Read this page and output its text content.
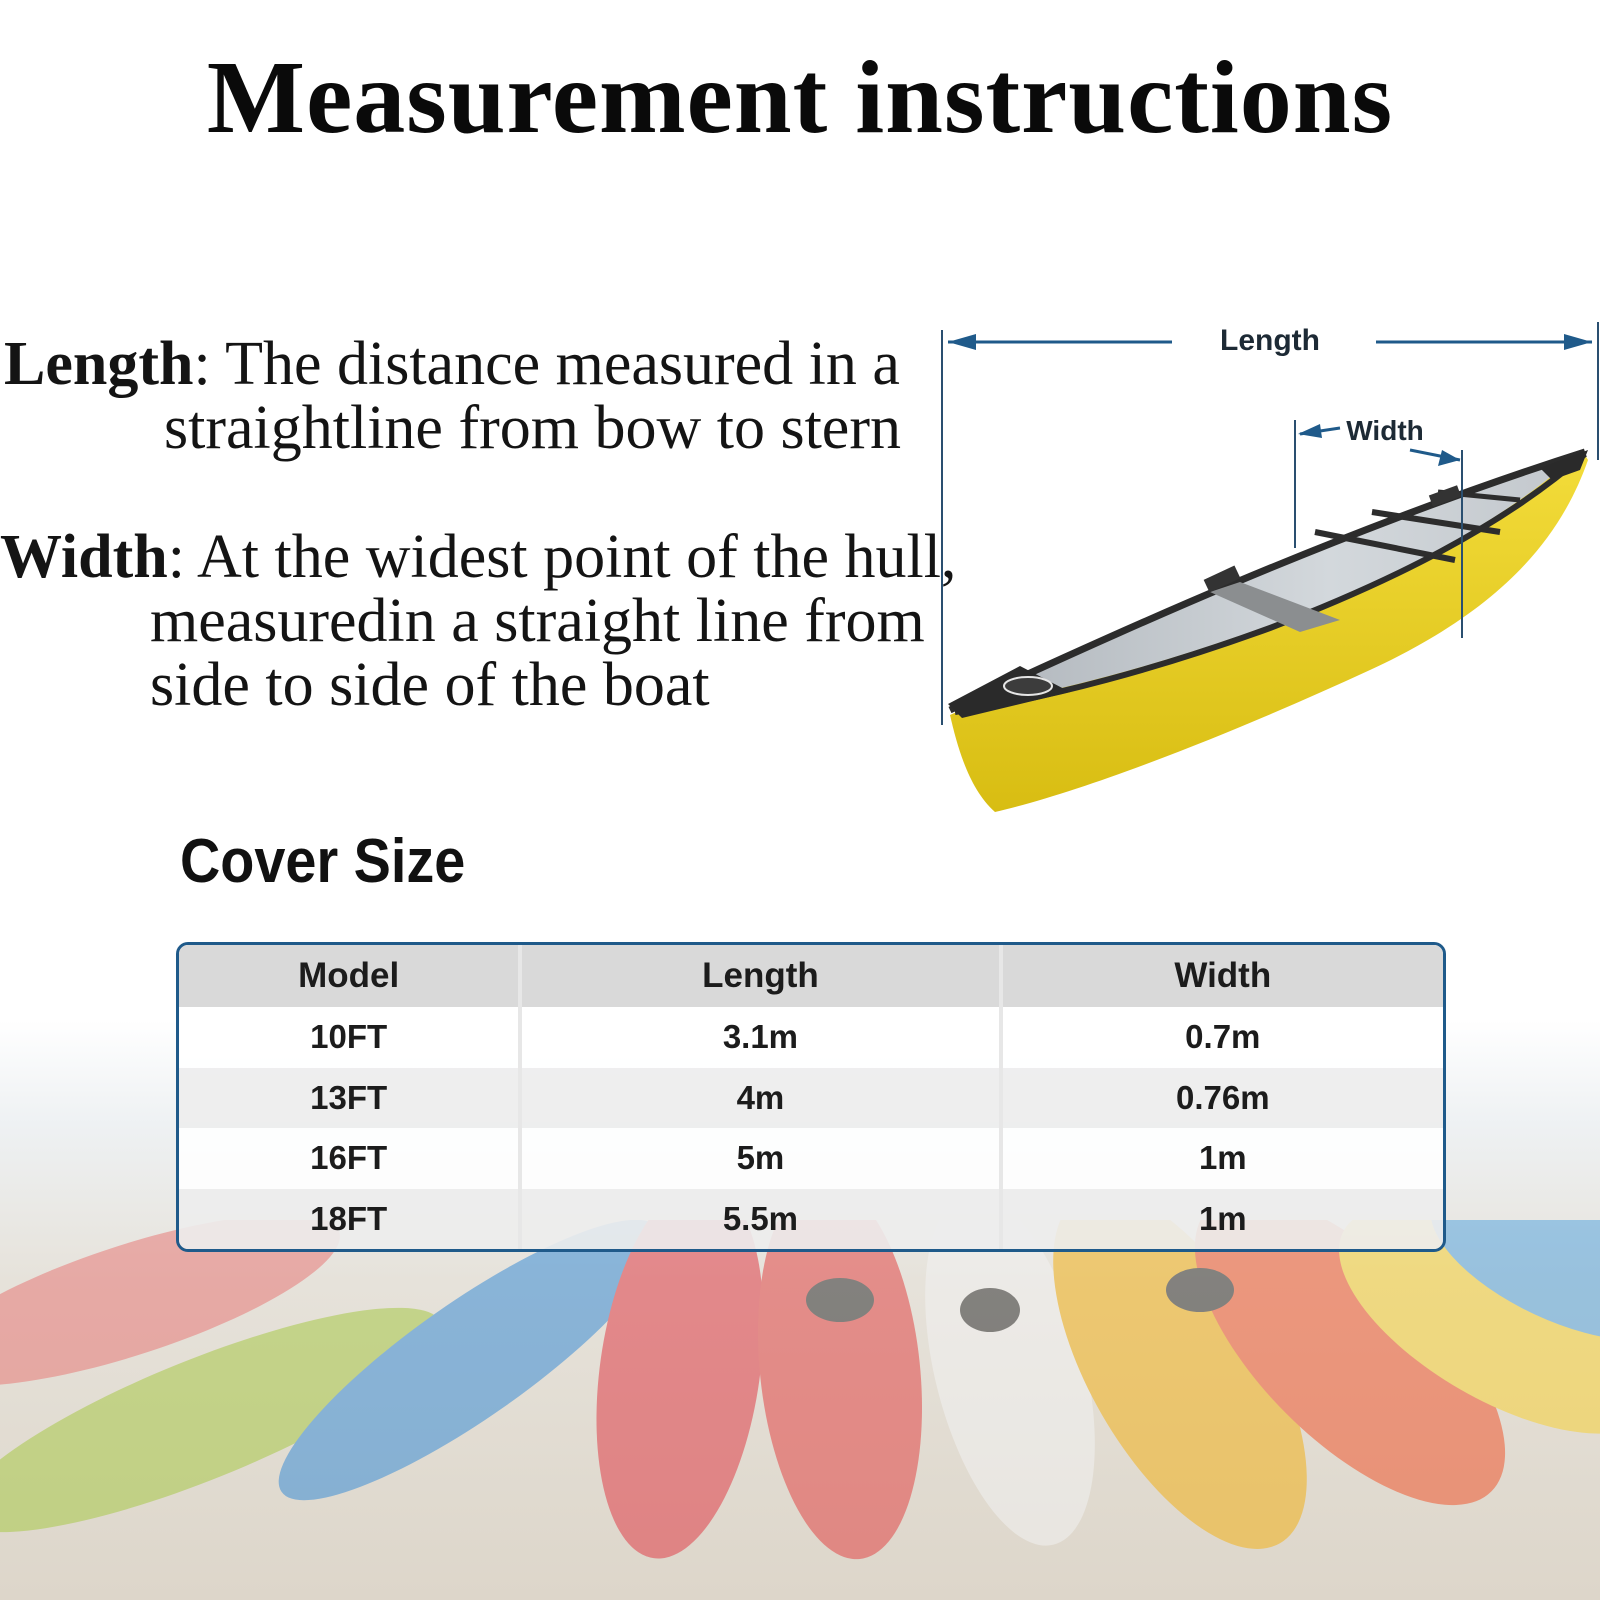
Measurement instructions
Length: The distance measured in a
straightline from bow to stern
Width: At the widest point of the hull,
measuredin a straight line from
side to side of the boat
Length
Width
Cover Size
Model	Length	Width
10FT	3.1m	0.7m
13FT	4m	0.76m
16FT	5m	1m
18FT	5.5m	1m
